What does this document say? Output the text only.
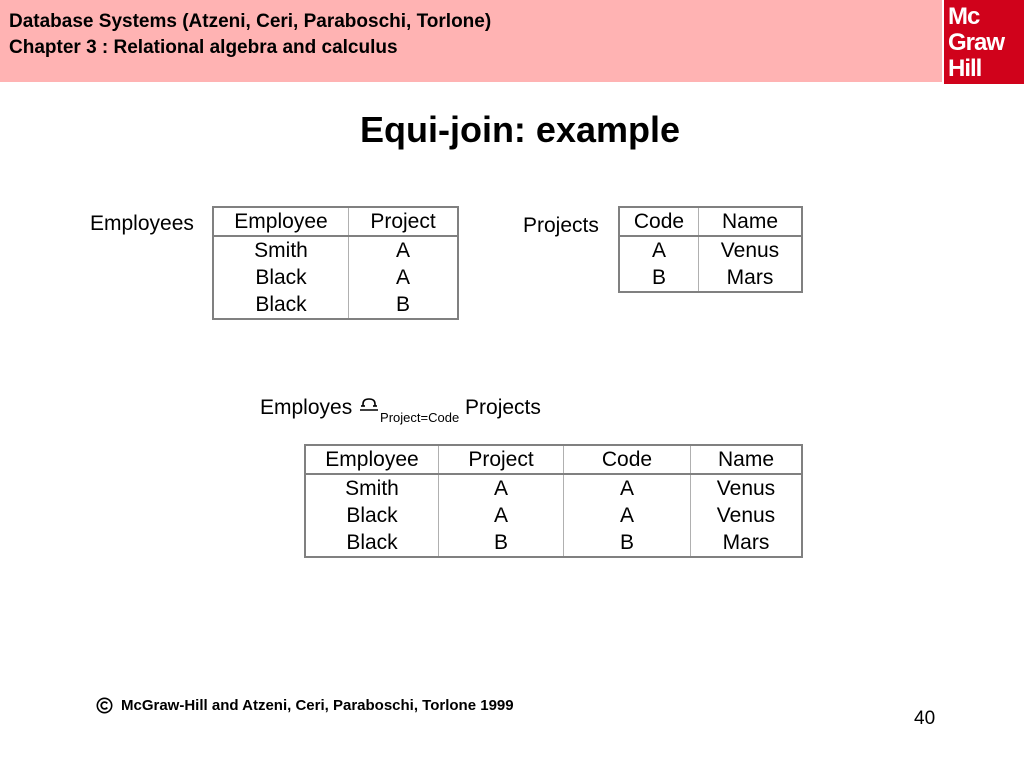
Database Systems (Atzeni, Ceri, Paraboschi, Torlone)
Chapter 3 : Relational algebra and calculus
Mc
Graw
Hill
Equi-join: example
Employees Employee	Project
Smith	A
Black	A
Black	B
Projects Code	Name
A	Venus
B	Mars
Employes $_{Project=Code}$ Projects
Employee	Project	Code	Name
Smith	A	A	Venus
Black	A	A	Venus
Black	B	B	Mars
McGraw-Hill and Atzeni, Ceri, Paraboschi, Torlone 1999
40
